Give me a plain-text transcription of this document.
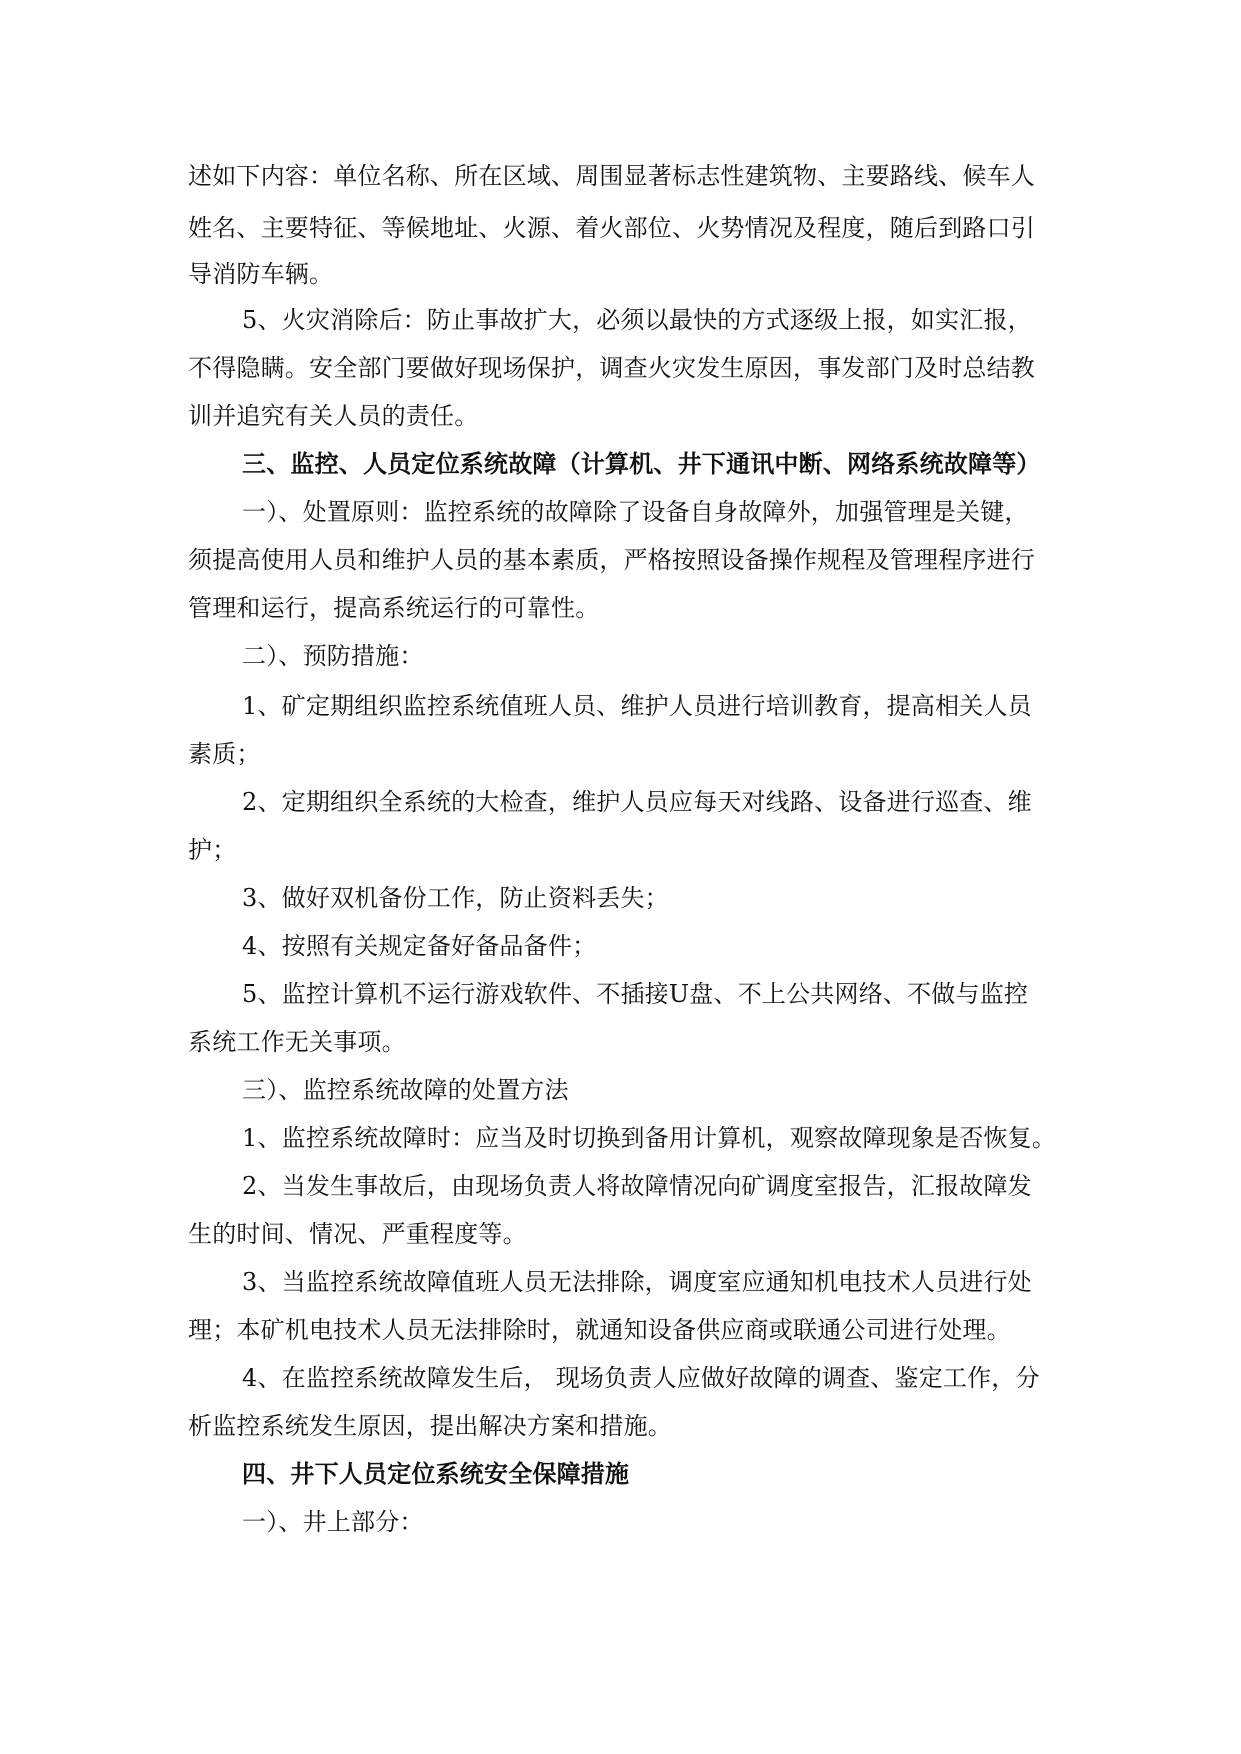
述如下内容：单位名称、所在区域、周围显著标志性建筑物、主要路线、候车人
姓名、主要特征、等候地址、火源、着火部位、火势情况及程度，随后到路口引
导消防车辆。
5、火灾消除后：防止事故扩大，必须以最快的方式逐级上报，如实汇报，
不得隐瞒。安全部门要做好现场保护，调查火灾发生原因，事发部门及时总结教
训并追究有关人员的责任。
三、监控、人员定位系统故障（计算机、井下通讯中断、网络系统故障等）
一）、处置原则：监控系统的故障除了设备自身故障外，加强管理是关键，
须提高使用人员和维护人员的基本素质，严格按照设备操作规程及管理程序进行
管理和运行，提高系统运行的可靠性。
二）、预防措施：
1、矿定期组织监控系统值班人员、维护人员进行培训教育，提高相关人员
素质；
2、定期组织全系统的大检查，维护人员应每天对线路、设备进行巡查、维
护；
3、做好双机备份工作，防止资料丢失；
4、按照有关规定备好备品备件；
5、监控计算机不运行游戏软件、不插接U盘、不上公共网络、不做与监控
系统工作无关事项。
三）、监控系统故障的处置方法
1、监控系统故障时：应当及时切换到备用计算机，观察故障现象是否恢复。
2、当发生事故后，由现场负责人将故障情况向矿调度室报告，汇报故障发
生的时间、情况、严重程度等。
3、当监控系统故障值班人员无法排除，调度室应通知机电技术人员进行处
理；本矿机电技术人员无法排除时，就通知设备供应商或联通公司进行处理。
4、在监控系统故障发生后， 现场负责人应做好故障的调查、鉴定工作，分
析监控系统发生原因，提出解决方案和措施。
四、井下人员定位系统安全保障措施
一）、井上部分：
